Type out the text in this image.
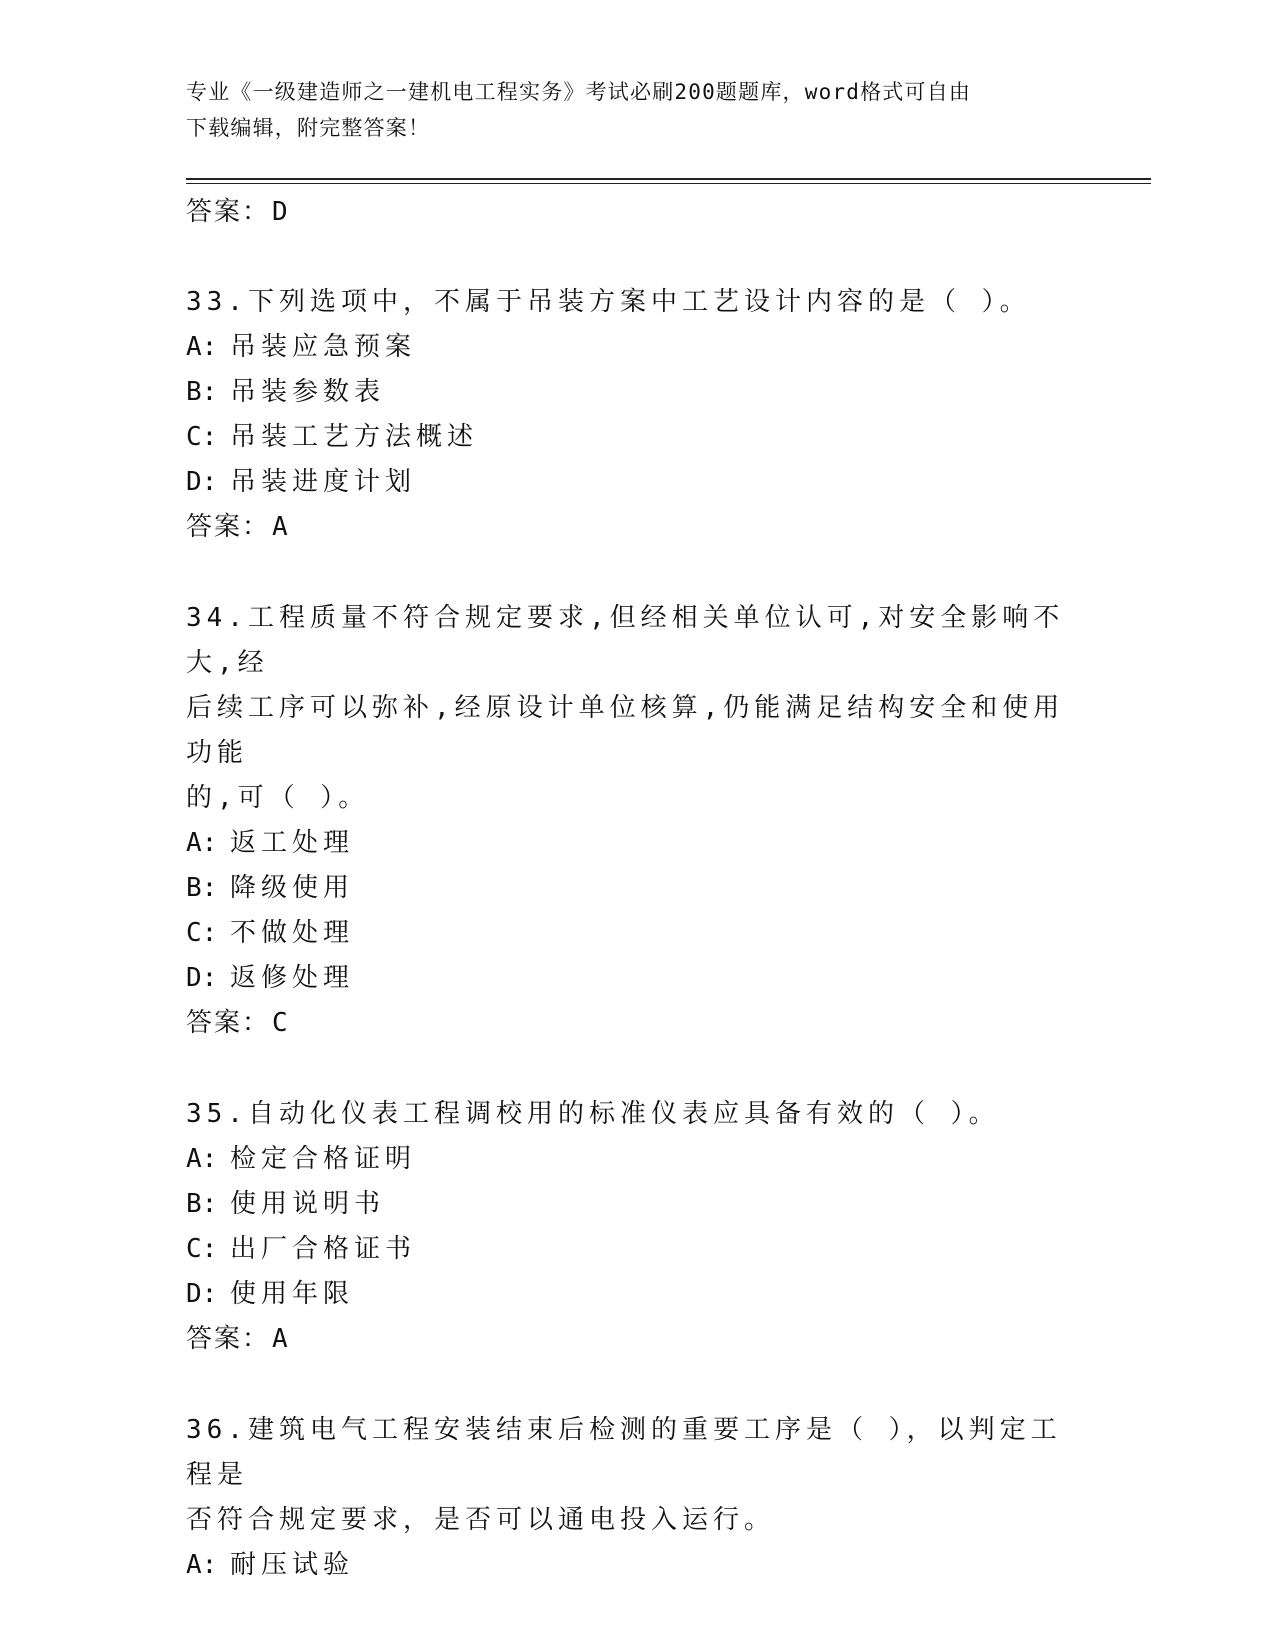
专业《一级建造师之一建机电工程实务》考试必刷200题题库，word格式可自由
下载编辑，附完整答案！
答案：D
33.下列选项中，不属于吊装方案中工艺设计内容的是（ ）。
A: 吊装应急预案
B: 吊装参数表
C: 吊装工艺方法概述
D: 吊装进度计划
答案：A
34.工程质量不符合规定要求,但经相关单位认可,对安全影响不大,经
后续工序可以弥补,经原设计单位核算,仍能满足结构安全和使用功能
的,可（ ）。
A: 返工处理
B: 降级使用
C: 不做处理
D: 返修处理
答案：C
35.自动化仪表工程调校用的标准仪表应具备有效的（ ）。
A: 检定合格证明
B: 使用说明书
C: 出厂合格证书
D: 使用年限
答案：A
36.建筑电气工程安装结束后检测的重要工序是（ ），以判定工程是
否符合规定要求，是否可以通电投入运行。
A: 耐压试验
